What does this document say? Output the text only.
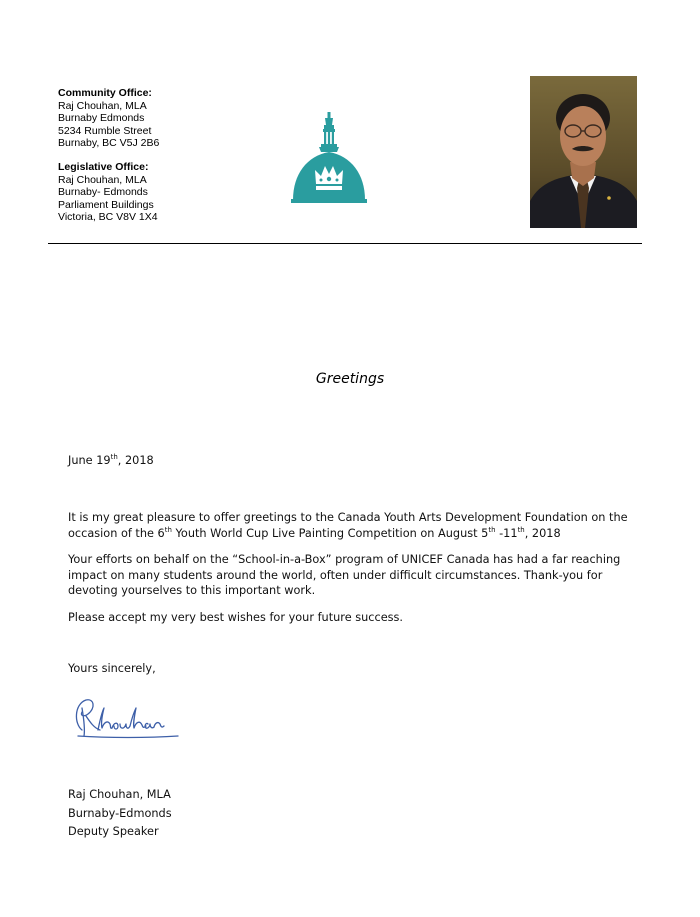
Community Office:
Raj Chouhan, MLA
Burnaby Edmonds
5234 Rumble Street
Burnaby, BC V5J 2B6
Legislative Office:
Raj Chouhan, MLA
Burnaby- Edmonds
Parliament Buildings
Victoria, BC V8V 1X4
Greetings
June 19th, 2018
It is my great pleasure to offer greetings to the Canada Youth Arts Development Foundation on the occasion of the 6th Youth World Cup Live Painting Competition on August 5th -11th, 2018
Your efforts on behalf on the “School-in-a-Box” program of UNICEF Canada has had a far reaching impact on many students around the world, often under difficult circumstances. Thank-you for devoting yourselves to this important work.
Please accept my very best wishes for your future success.
Yours sincerely,
Rchouhan
Raj Chouhan, MLA
Burnaby-Edmonds
Deputy Speaker
